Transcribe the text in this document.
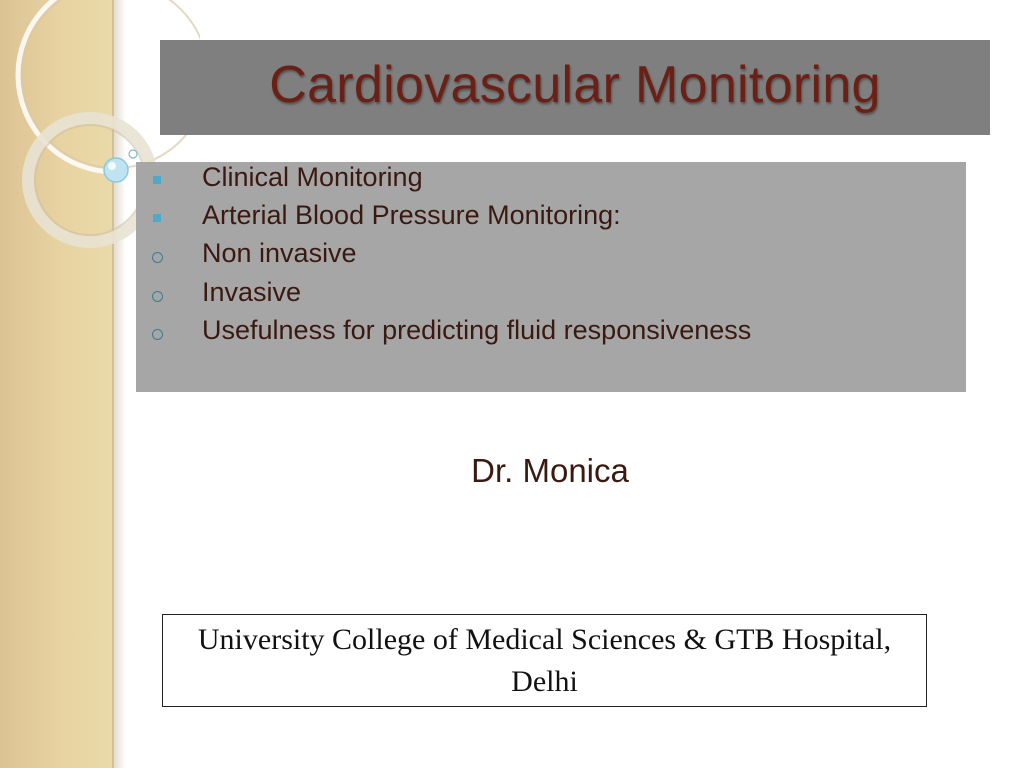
Cardiovascular Monitoring
Clinical Monitoring
Arterial Blood Pressure Monitoring:
Non invasive
Invasive
Usefulness for predicting fluid responsiveness
Dr. Monica
University College of Medical Sciences & GTB Hospital, Delhi
